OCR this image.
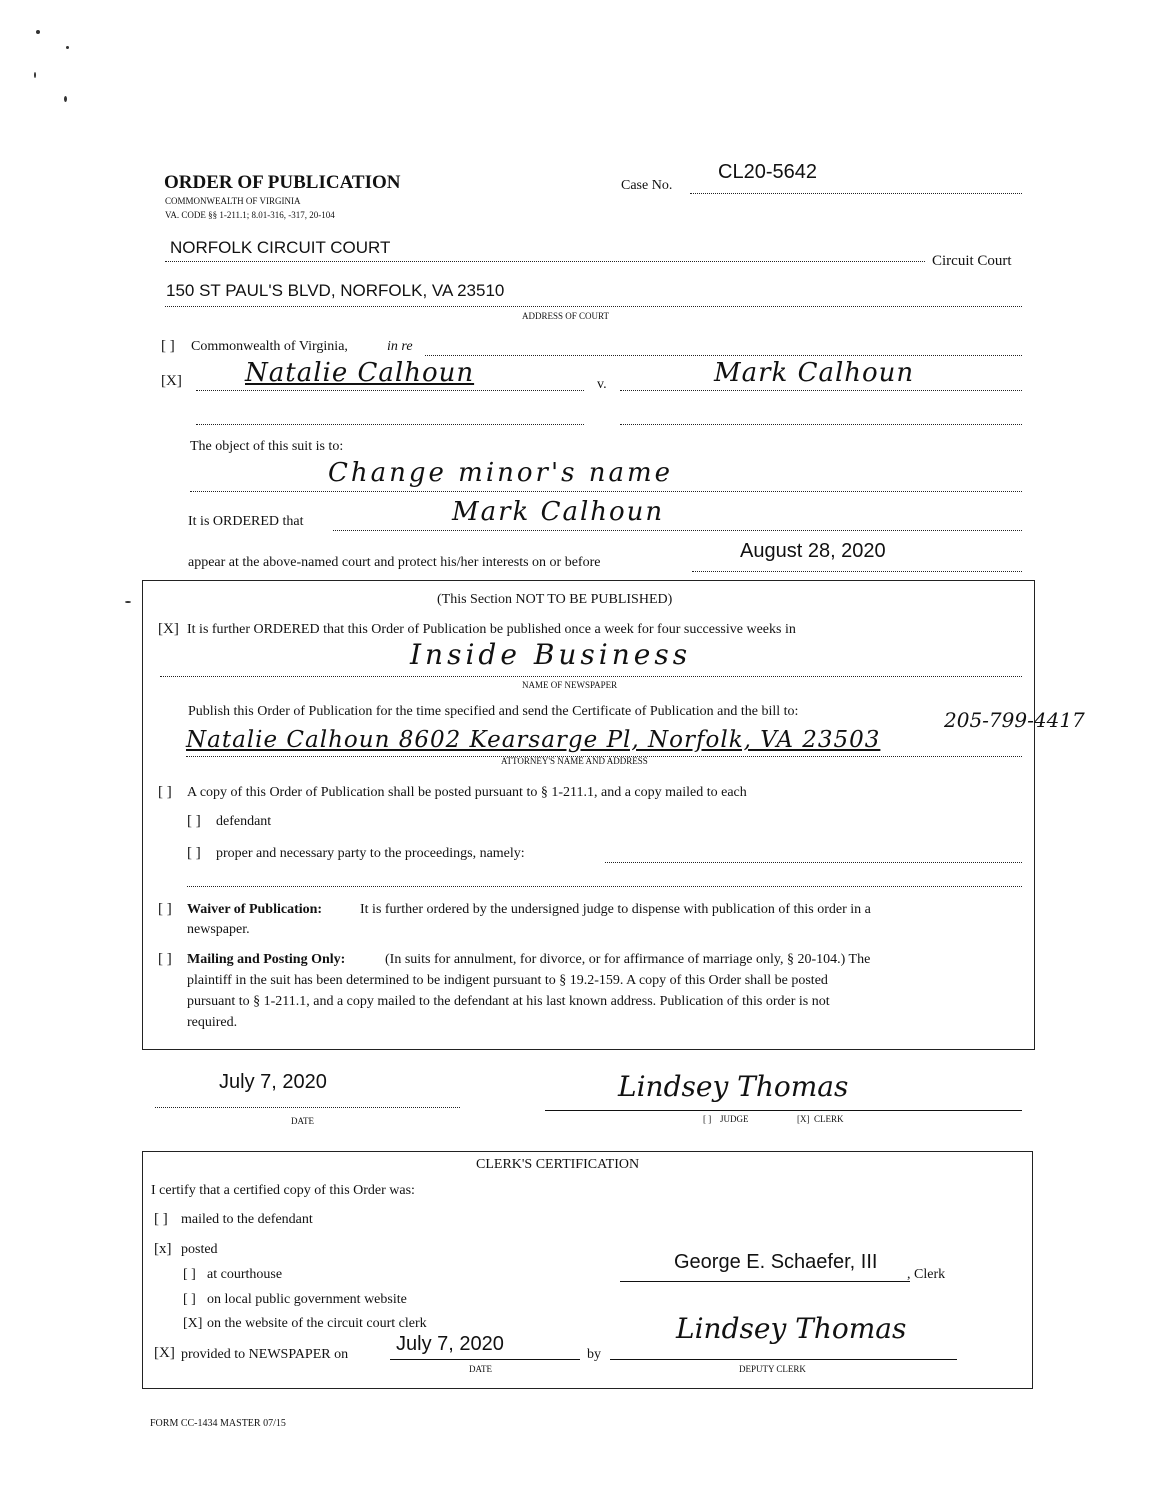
ORDER OF PUBLICATION
COMMONWEALTH OF VIRGINIA
VA. CODE §§ 1-211.1; 8.01-316, -317, 20-104
Case No.
CL20-5642
NORFOLK CIRCUIT COURT
Circuit Court
150 ST PAUL'S BLVD, NORFOLK, VA 23510
ADDRESS OF COURT
[ ] Commonwealth of Virginia,	in re
[X] Natalie Calhoun	v.	Mark Calhoun
The object of this suit is to:
Change minor's name
It is ORDERED that	Mark Calhoun
appear at the above-named court and protect his/her interests on or before
August 28, 2020
(This Section NOT TO BE PUBLISHED)
[X] It is further ORDERED that this Order of Publication be published once a week for four successive weeks in
Inside Business
NAME OF NEWSPAPER
Publish this Order of Publication for the time specified and send the Certificate of Publication and the bill to:	205-799-4417
Natalie Calhoun 8602 Kearsarge Pl, Norfolk, VA 23503
ATTORNEY'S NAME AND ADDRESS
[ ] A copy of this Order of Publication shall be posted pursuant to § 1-211.1, and a copy mailed to each
[ ] defendant
[ ] proper and necessary party to the proceedings, namely:
[ ] Waiver of Publication:	It is further ordered by the undersigned judge to dispense with publication of this order in a
newspaper.
[ ] Mailing and Posting Only:	(In suits for annulment, for divorce, or for affirmance of marriage only, § 20-104.) The
plaintiff in the suit has been determined to be indigent pursuant to § 19.2-159. A copy of this Order shall be posted
pursuant to § 1-211.1, and a copy mailed to the defendant at his last known address. Publication of this order is not
required.
July 7, 2020
DATE
Lindsey Thomas
[ ] JUDGE	[X] CLERK
CLERK'S CERTIFICATION
I certify that a certified copy of this Order was:
[ ] mailed to the defendant
[x] posted
[ ] at courthouse
[ ] on local public government website
[X] on the website of the circuit court clerk
[X] provided to NEWSPAPER on July 7, 2020
DATE
by
George E. Schaefer, III
, Clerk
Lindsey Thomas
DEPUTY CLERK
FORM CC-1434 MASTER 07/15
